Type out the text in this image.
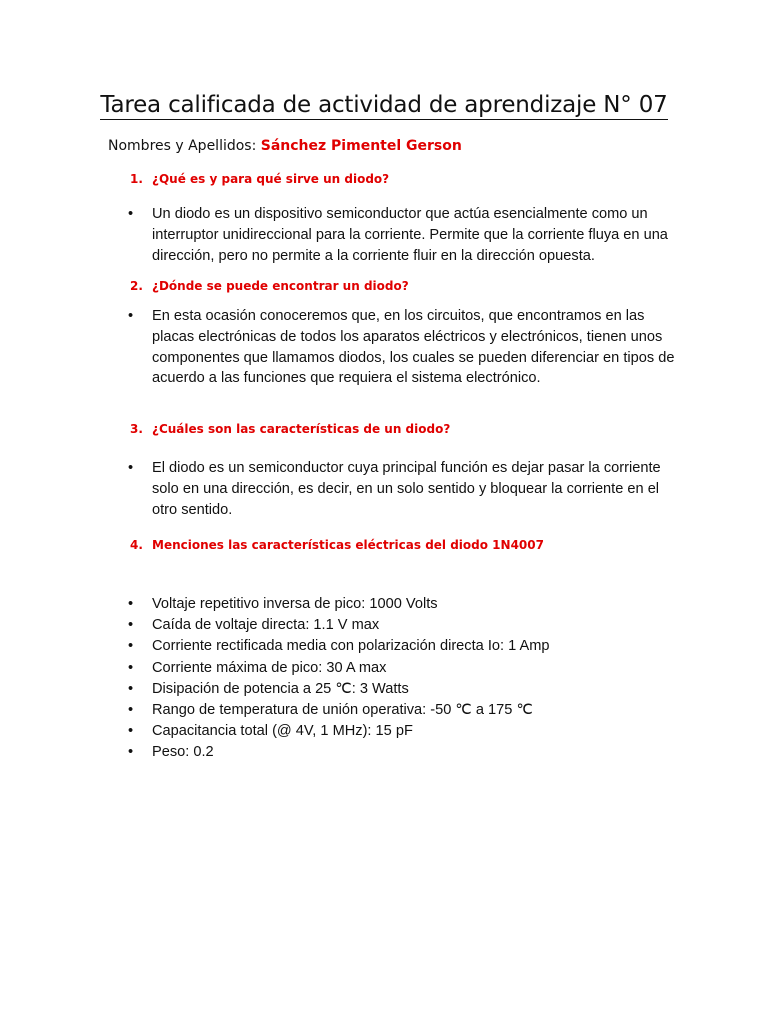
Tarea calificada de actividad de aprendizaje N° 07
Nombres y Apellidos: Sánchez Pimentel Gerson
1. ¿Qué es y para qué sirve un diodo?
• Un diodo es un dispositivo semiconductor que actúa esencialmente como un interruptor unidireccional para la corriente. Permite que la corriente fluya en una dirección, pero no permite a la corriente fluir en la dirección opuesta.
2. ¿Dónde se puede encontrar un diodo?
• En esta ocasión conoceremos que, en los circuitos, que encontramos en las placas electrónicas de todos los aparatos eléctricos y electrónicos, tienen unos componentes que llamamos diodos, los cuales se pueden diferenciar en tipos de acuerdo a las funciones que requiera el sistema electrónico.
3. ¿Cuáles son las características de un diodo?
• El diodo es un semiconductor cuya principal función es dejar pasar la corriente solo en una dirección, es decir, en un solo sentido y bloquear la corriente en el otro sentido.
4. Menciones las características eléctricas del diodo 1N4007
• Voltaje repetitivo inversa de pico: 1000 Volts
• Caída de voltaje directa: 1.1 V max
• Corriente rectificada media con polarización directa Io: 1 Amp
• Corriente máxima de pico: 30 A max
• Disipación de potencia a 25 ℃: 3 Watts
• Rango de temperatura de unión operativa: -50 ℃ a 175 ℃
• Capacitancia total (@ 4V, 1 MHz): 15 pF
• Peso: 0.2
